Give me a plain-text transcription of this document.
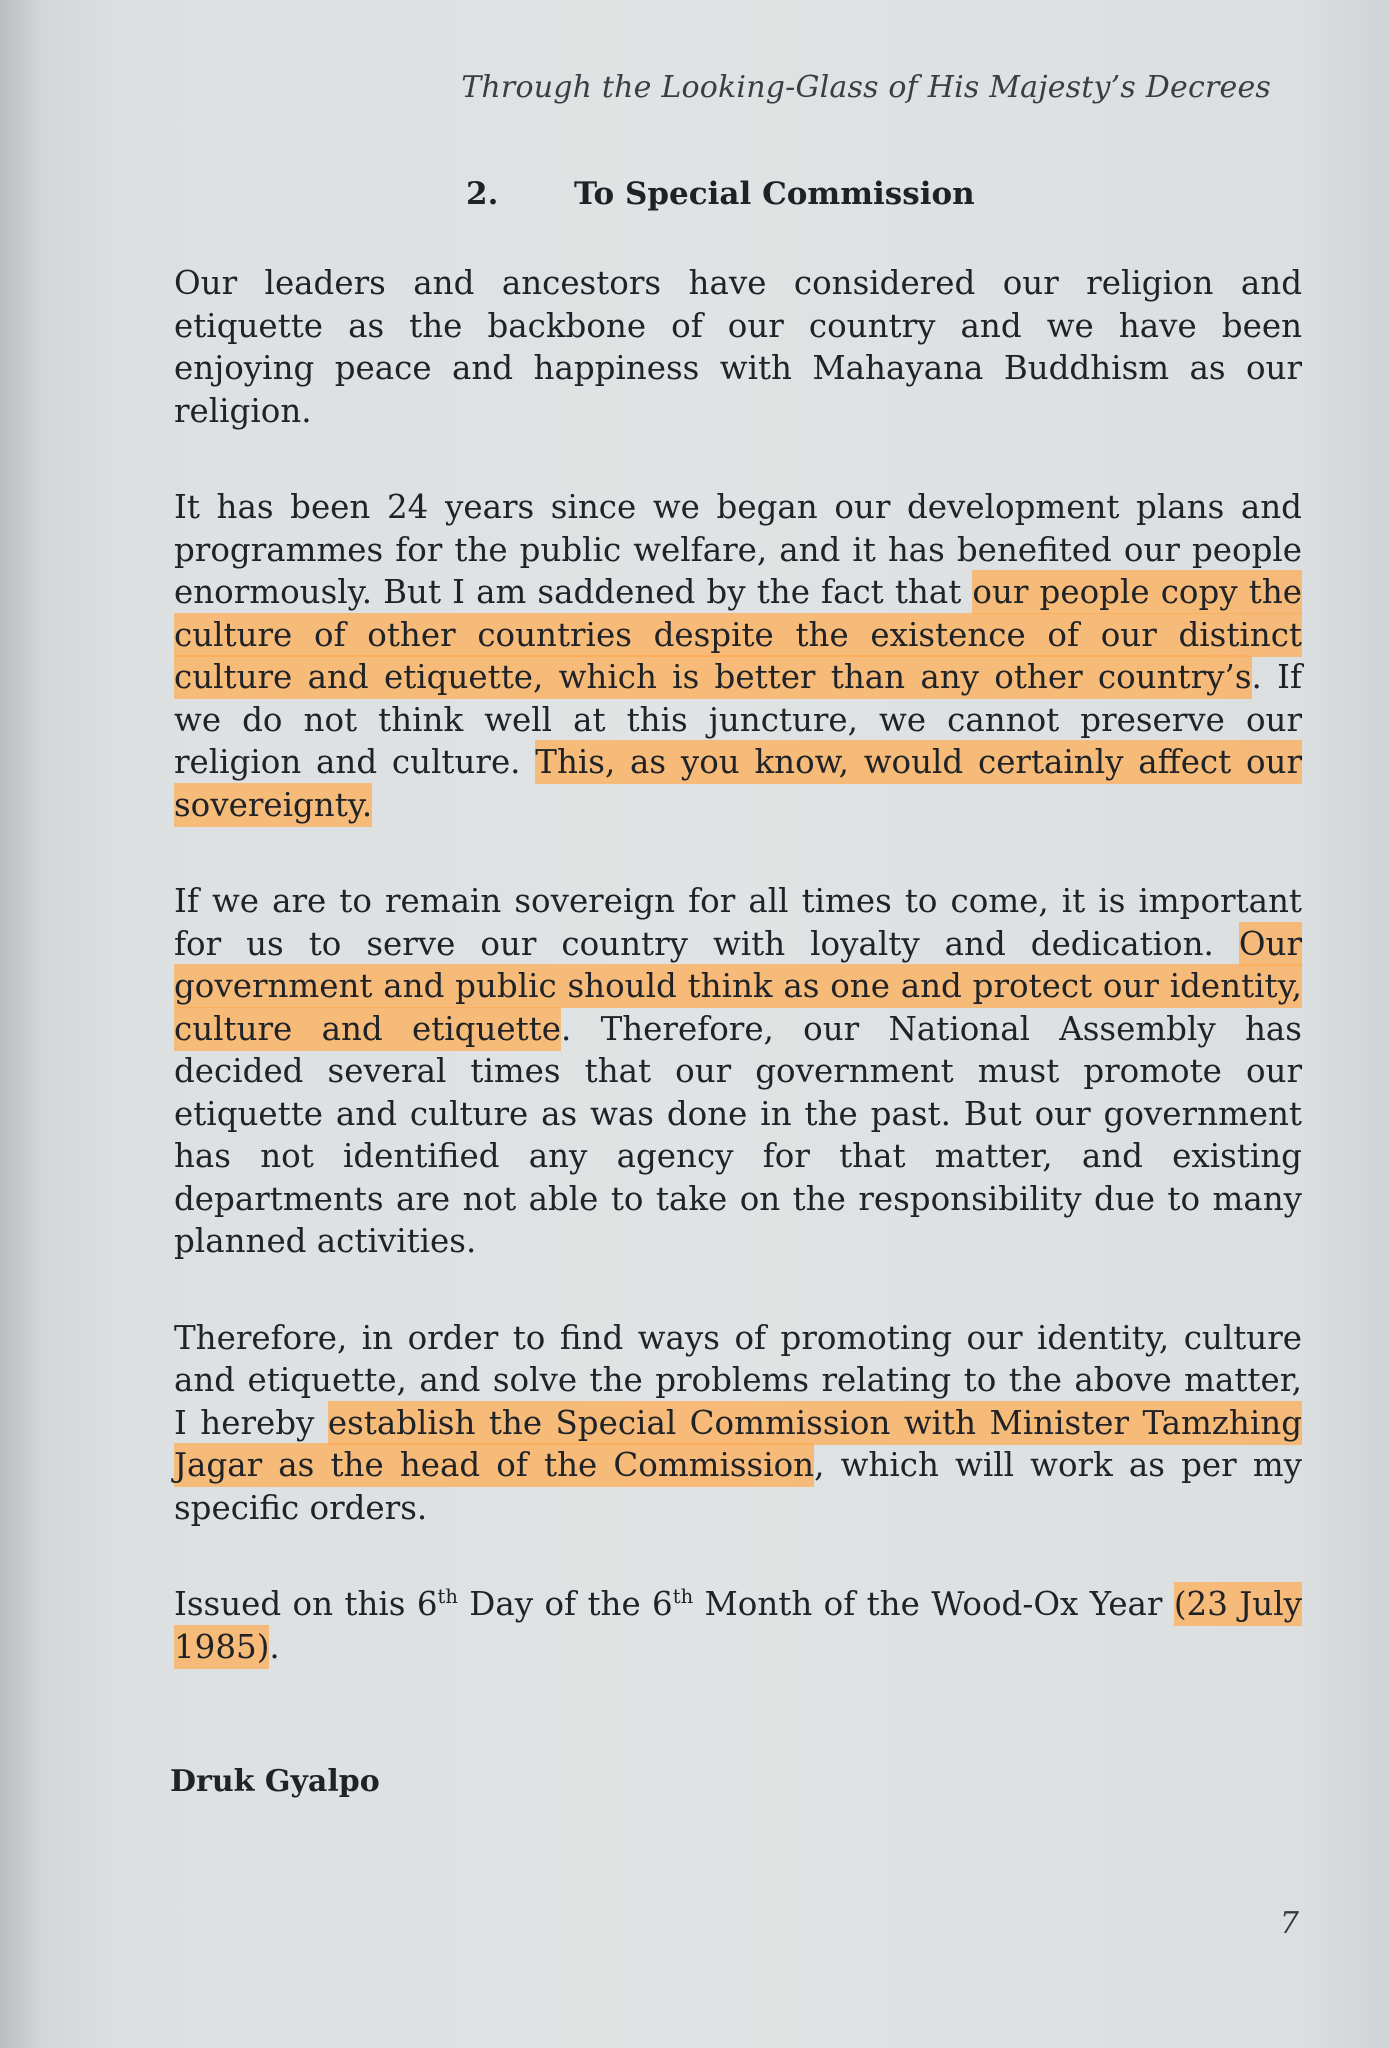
Through the Looking-Glass of His Majesty’s Decrees
2. To Special Commission

Our leaders and ancestors have considered our religion and etiquette as the backbone of our country and we have been enjoying peace and happiness with Mahayana Buddhism as our religion.

It has been 24 years since we began our development plans and programmes for the public welfare, and it has benefited our people enormously. But I am saddened by the fact that our people copy the culture of other countries despite the existence of our distinct culture and etiquette, which is better than any other country’s. If we do not think well at this juncture, we cannot preserve our religion and culture. This, as you know, would certainly affect our sovereignty.

If we are to remain sovereign for all times to come, it is important for us to serve our country with loyalty and dedication. Our government and public should think as one and protect our identity, culture and etiquette. Therefore, our National Assembly has decided several times that our government must promote our etiquette and culture as was done in the past. But our government has not identified any agency for that matter, and existing departments are not able to take on the responsibility due to many planned activities.

Therefore, in order to find ways of promoting our identity, culture and etiquette, and solve the problems relating to the above matter, I hereby establish the Special Commission with Minister Tamzhing Jagar as the head of the Commission, which will work as per my specific orders.

Issued on this 6th Day of the 6th Month of the Wood-Ox Year (23 July 1985).

Druk Gyalpo
7
